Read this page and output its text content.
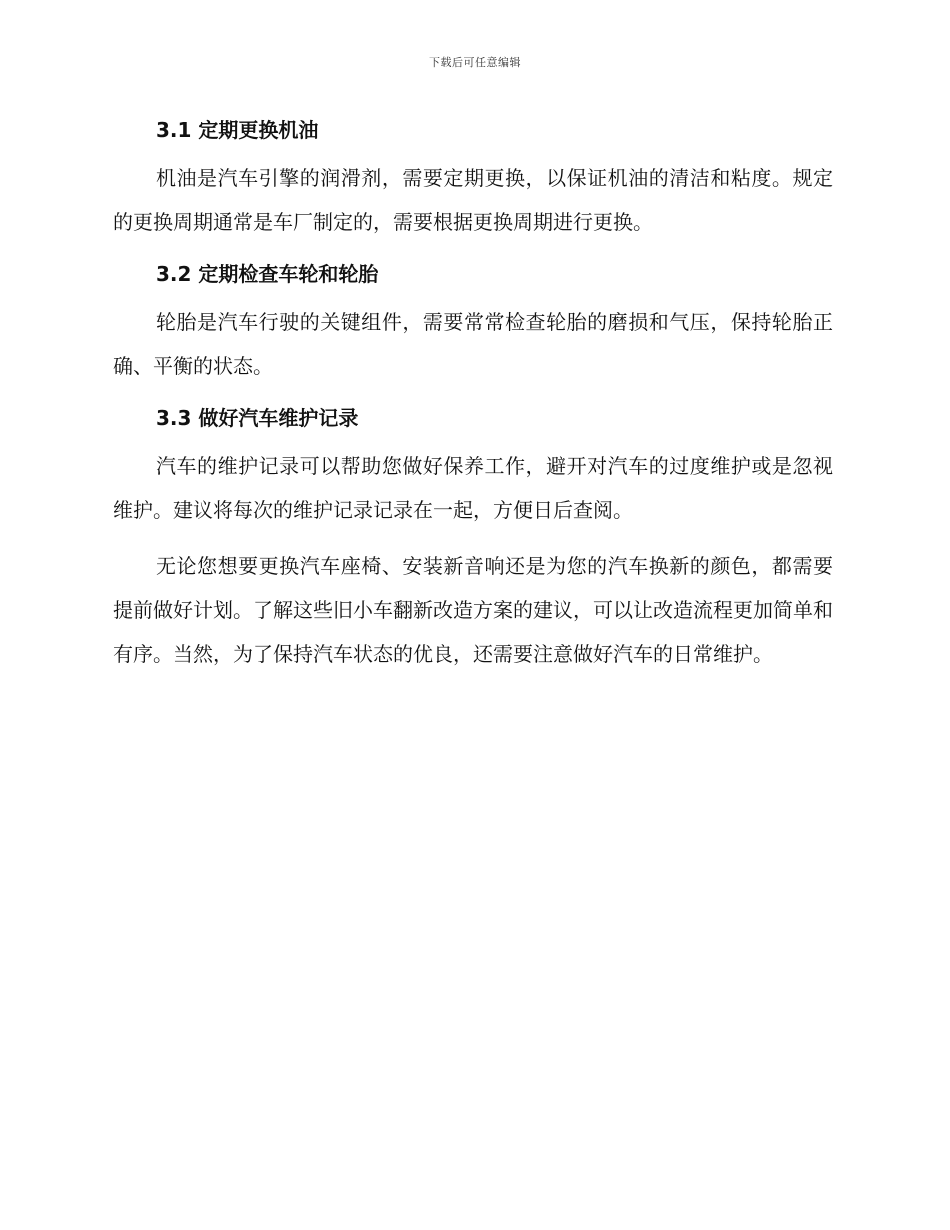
下载后可任意编辑
3.1 定期更换机油

机油是汽车引擎的润滑剂，需要定期更换，以保证机油的清洁和粘度。规定的更换周期通常是车厂制定的，需要根据更换周期进行更换。

3.2 定期检查车轮和轮胎

轮胎是汽车行驶的关键组件，需要常常检查轮胎的磨损和气压，保持轮胎正确、平衡的状态。

3.3 做好汽车维护记录

汽车的维护记录可以帮助您做好保养工作，避开对汽车的过度维护或是忽视维护。建议将每次的维护记录记录在一起，方便日后查阅。

无论您想要更换汽车座椅、安装新音响还是为您的汽车换新的颜色，都需要提前做好计划。了解这些旧小车翻新改造方案的建议，可以让改造流程更加简单和有序。当然，为了保持汽车状态的优良，还需要注意做好汽车的日常维护。
